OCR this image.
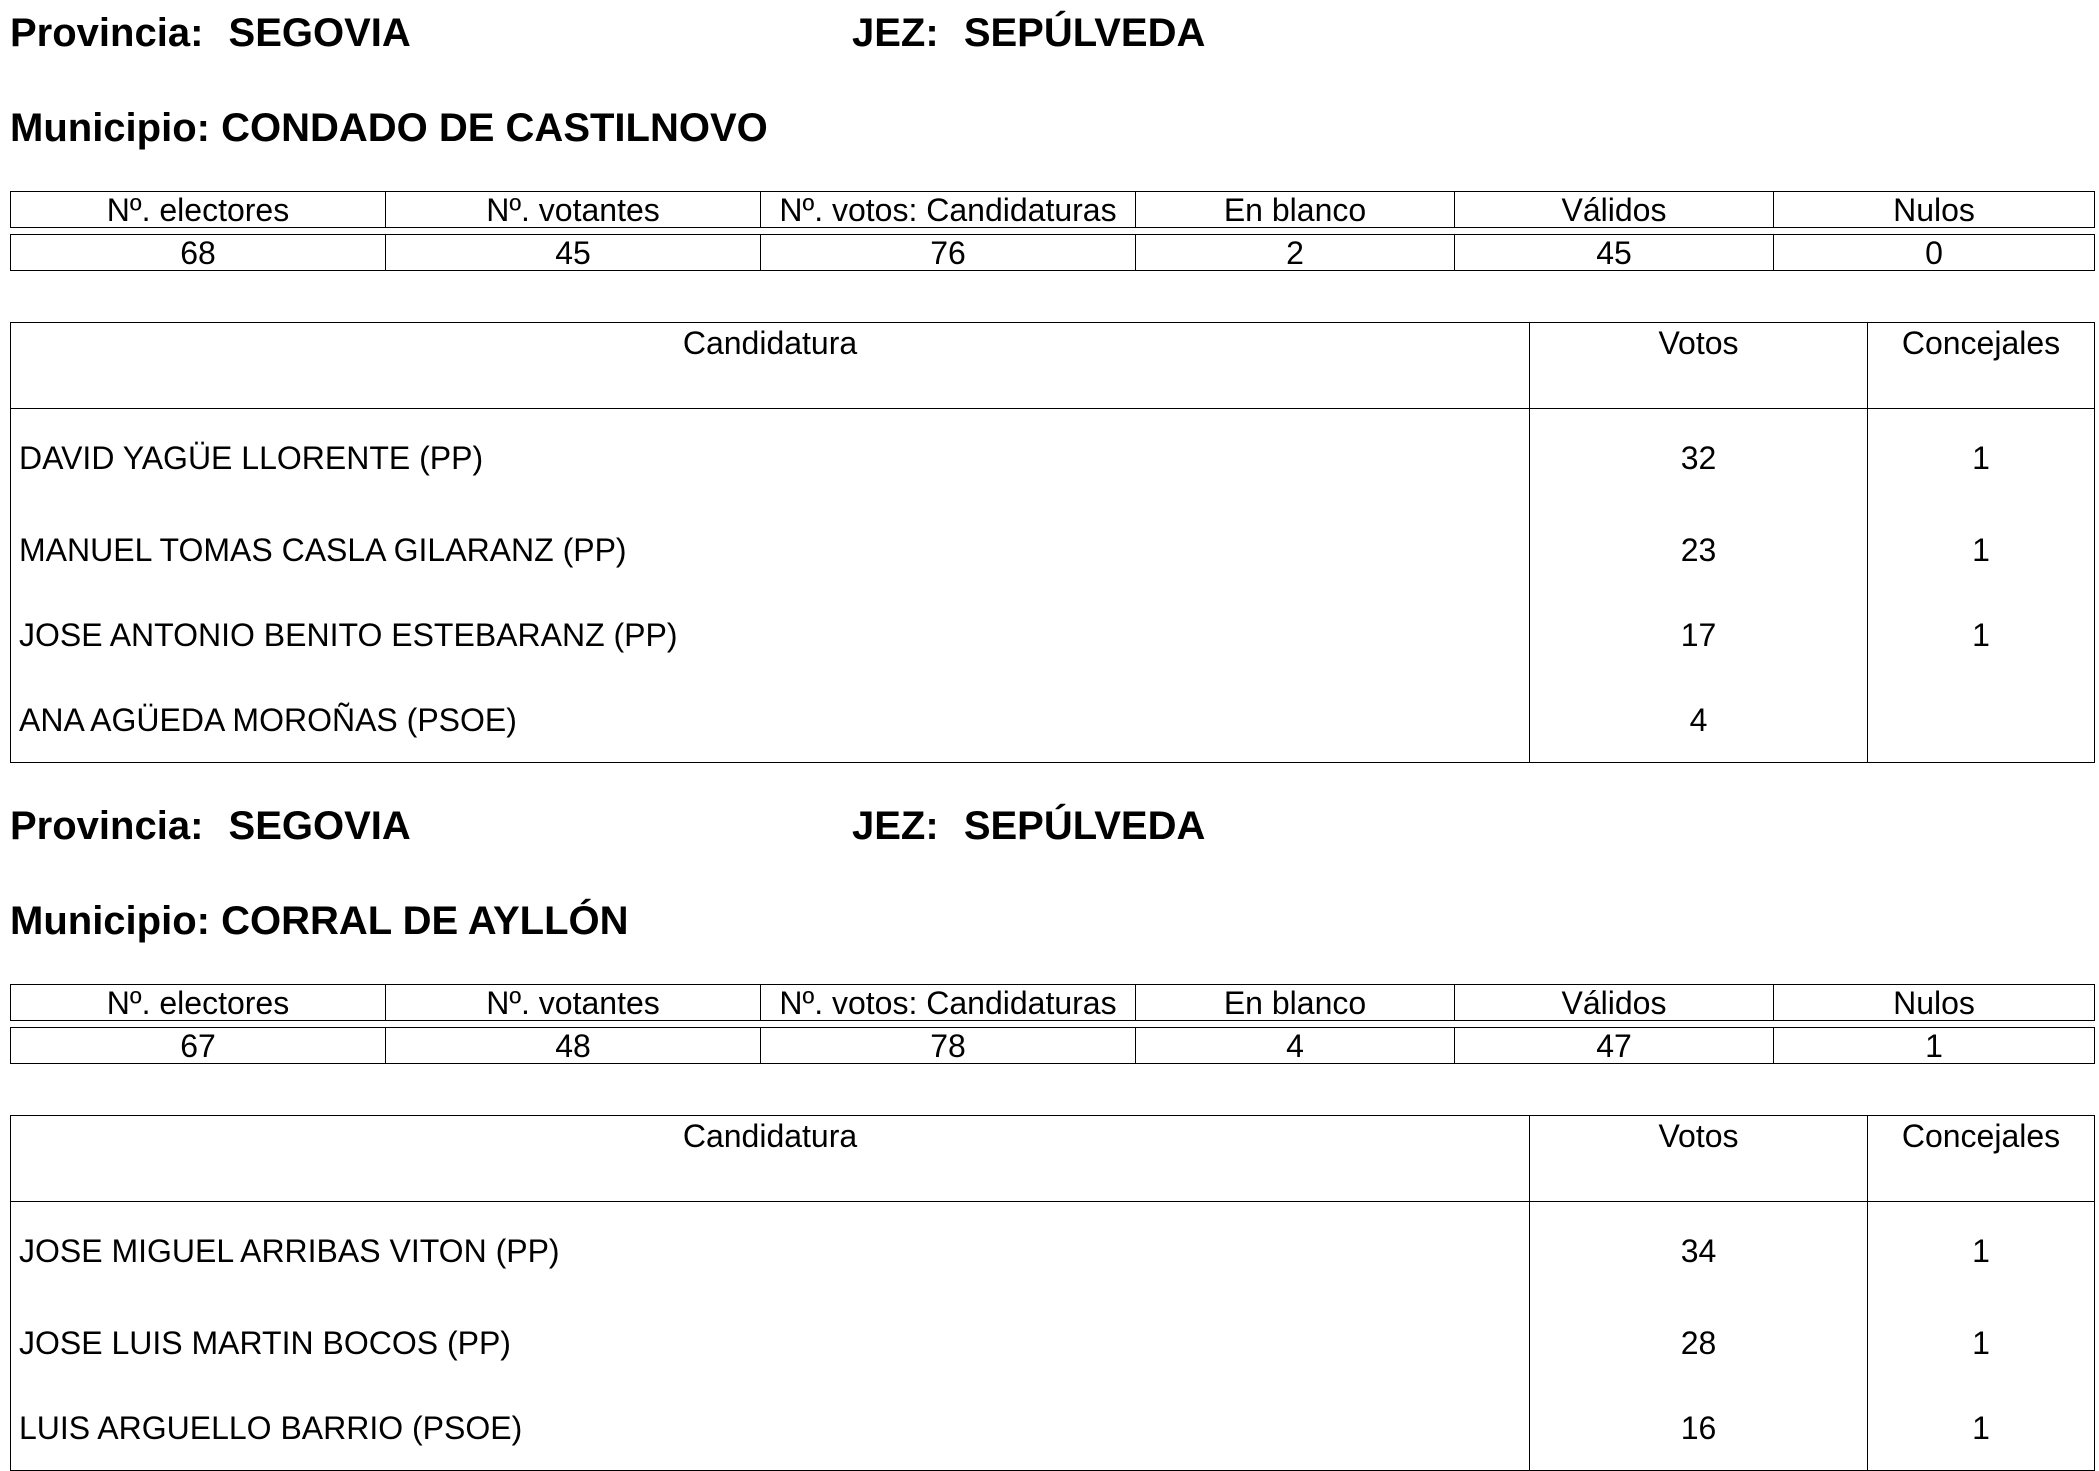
Provincia: SEGOVIA	JEZ: SEPÚLVEDA
Municipio: CONDADO DE CASTILNOVO
Nº. electores	Nº. votantes	Nº. votos: Candidaturas	En blanco	Válidos	Nulos

68	45	76	2	45	0
Candidatura	Votos	Concejales
DAVID YAGÜE LLORENTE (PP)	32	1
MANUEL TOMAS CASLA GILARANZ (PP)	23	1
JOSE ANTONIO BENITO ESTEBARANZ (PP)	17	1
ANA AGÜEDA MOROÑAS (PSOE)	4	
Provincia: SEGOVIA	JEZ: SEPÚLVEDA
Municipio: CORRAL DE AYLLÓN
Nº. electores	Nº. votantes	Nº. votos: Candidaturas	En blanco	Válidos	Nulos

67	48	78	4	47	1
Candidatura	Votos	Concejales
JOSE MIGUEL ARRIBAS VITON (PP)	34	1
JOSE LUIS MARTIN BOCOS (PP)	28	1
LUIS ARGUELLO BARRIO (PSOE)	16	1
